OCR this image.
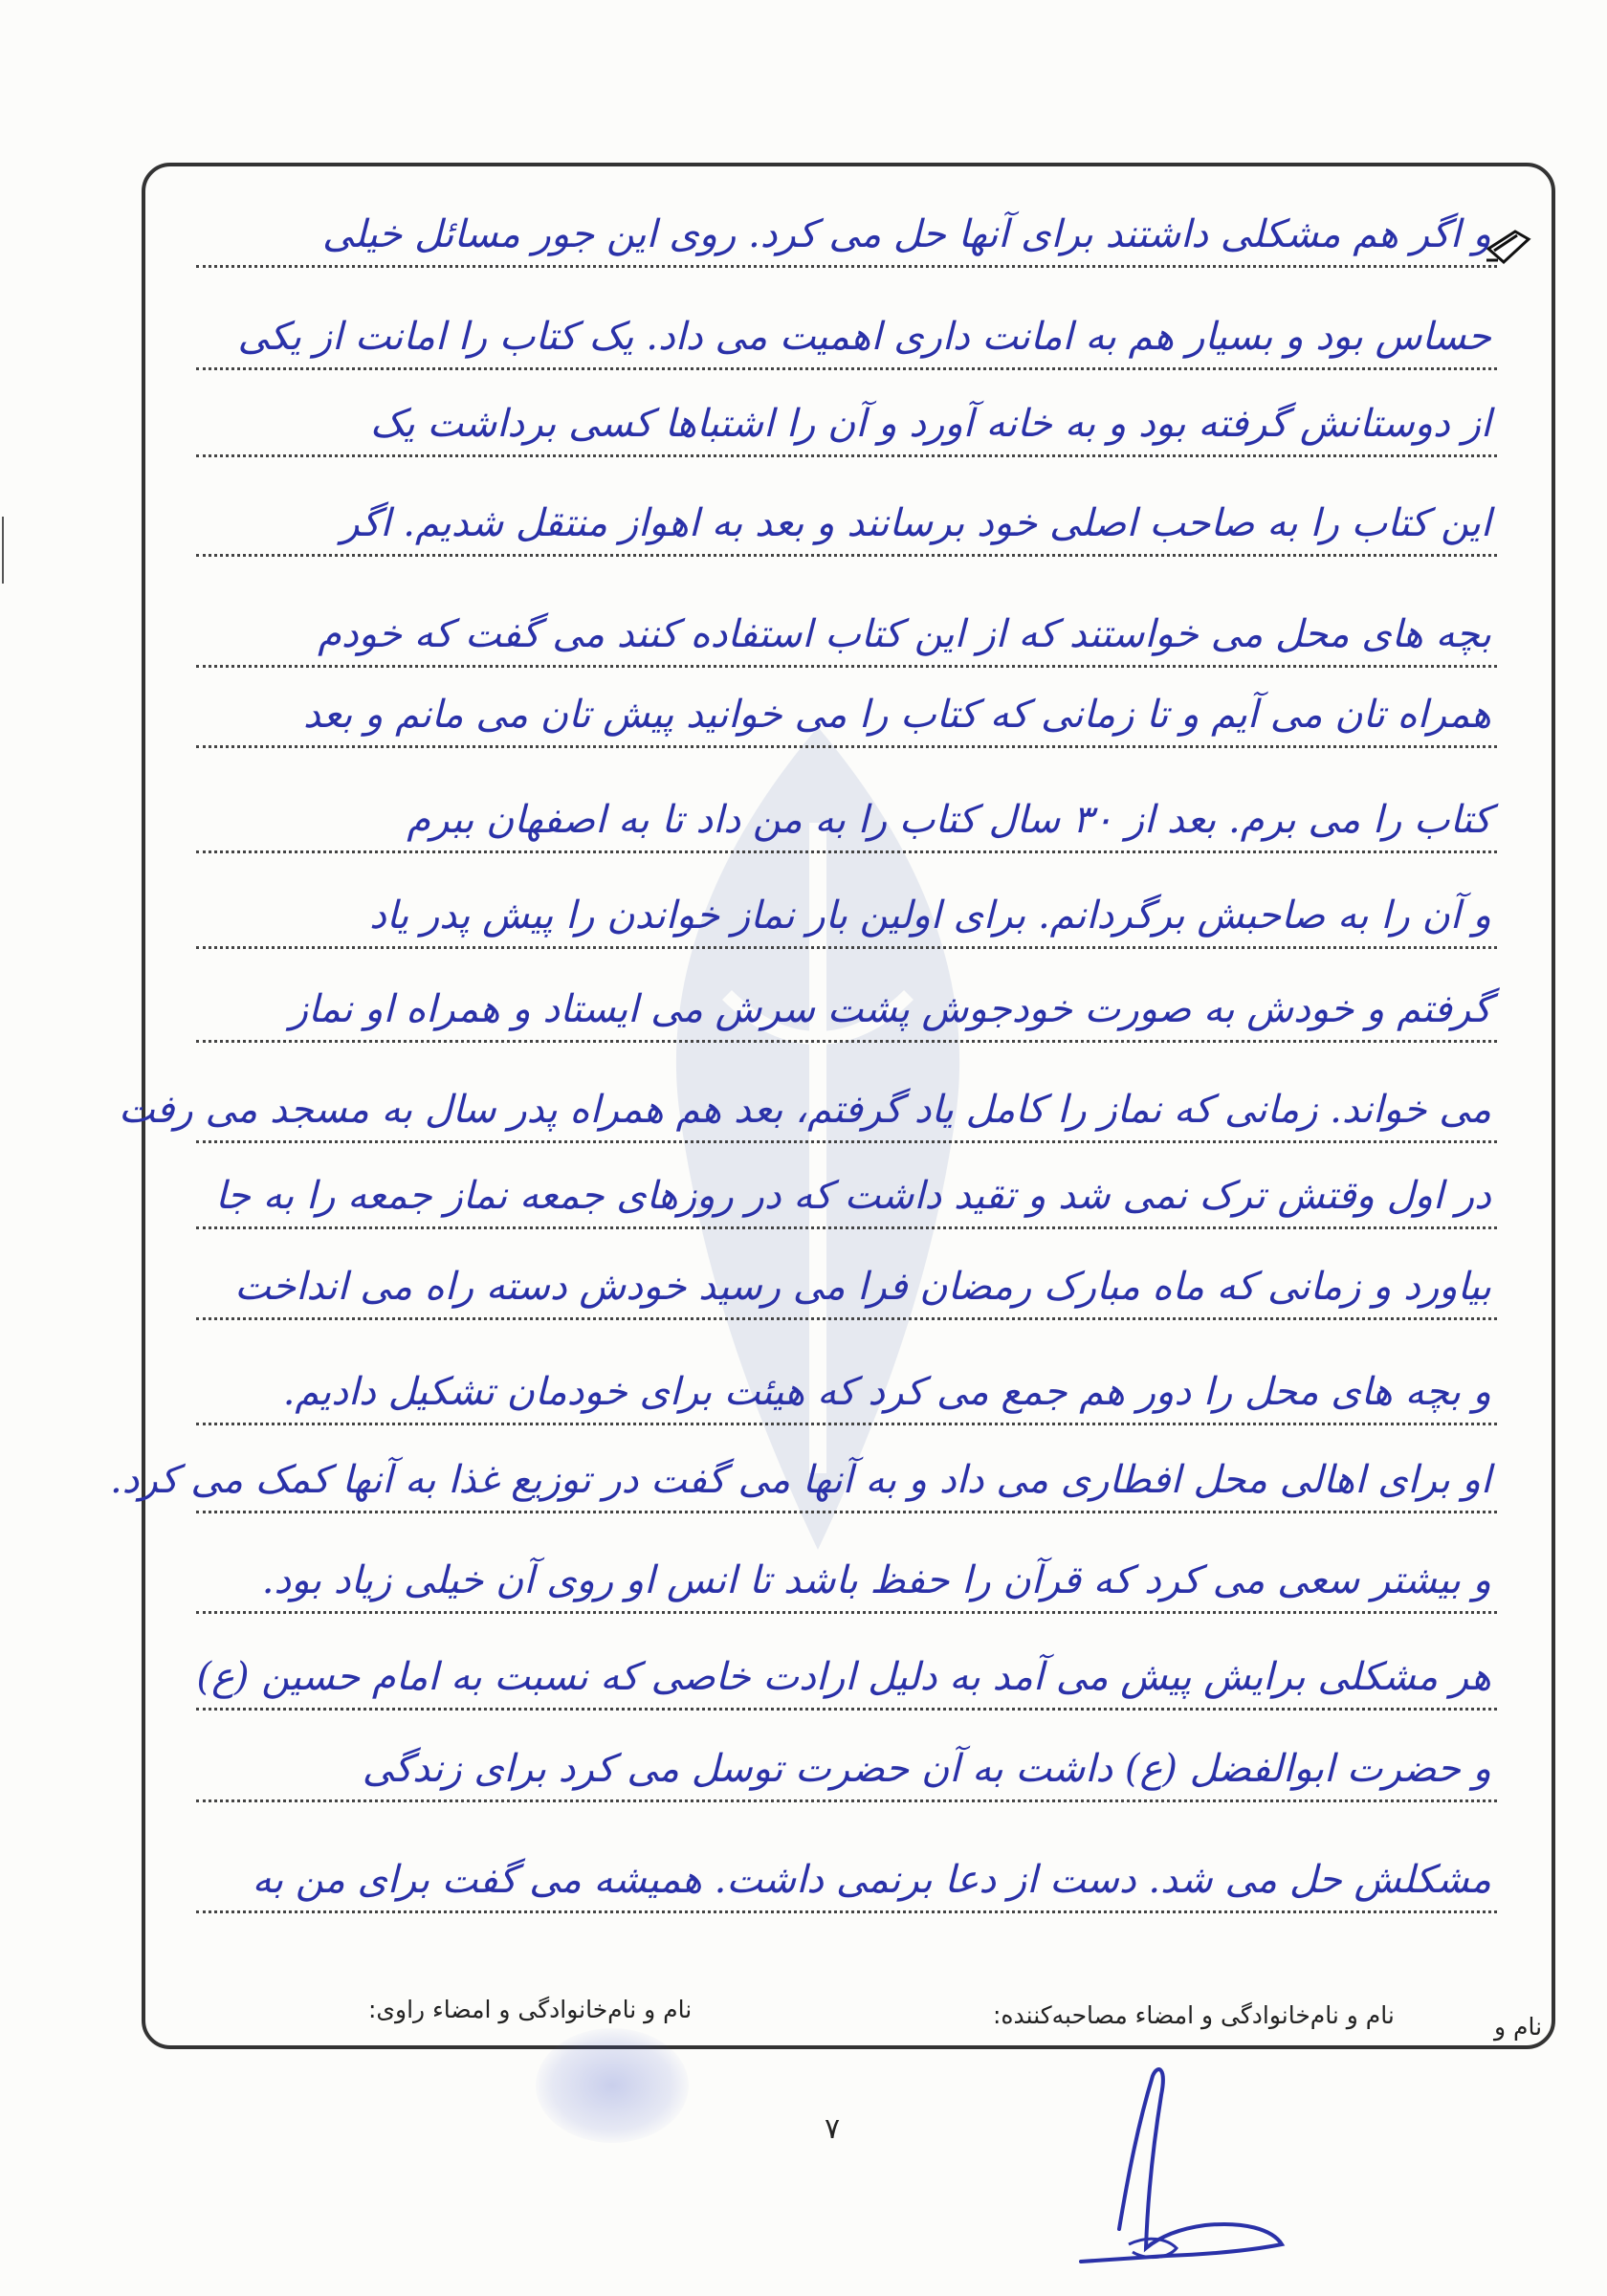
و اگر هم مشکلی داشتند برای آنها حل می کرد. روی این جور مسائل خیلی
حساس بود و بسیار هم به امانت داری اهمیت می داد. یک کتاب را امانت از یکی
از دوستانش گرفته بود و به خانه آورد و آن را اشتباها کسی برداشت یک
این کتاب را به صاحب اصلی خود برسانند و بعد به اهواز منتقل شدیم. اگر
بچه های محل می خواستند که از این کتاب استفاده کنند می گفت که خودم
همراه تان می آیم و تا زمانی که کتاب را می خوانید پیش تان می مانم و بعد
کتاب را می برم. بعد از ۳۰ سال کتاب را به من داد تا به اصفهان ببرم
و آن را به صاحبش برگردانم. برای اولین بار نماز خواندن را پیش پدر یاد
گرفتم و خودش به صورت خودجوش پشت سرش می ایستاد و همراه او نماز
می خواند. زمانی که نماز را کامل یاد گرفتم، بعد هم همراه پدر سال به مسجد می رفت
در اول وقتش ترک نمی شد و تقید داشت که در روزهای جمعه نماز جمعه را به جا
بیاورد و زمانی که ماه مبارک رمضان فرا می رسید خودش دسته راه می انداخت
و بچه های محل را دور هم جمع می کرد که هیئت برای خودمان تشکیل دادیم.
او برای اهالی محل افطاری می داد و به آنها می گفت در توزیع غذا به آنها کمک می کرد.
و بیشتر سعی می کرد که قرآن را حفظ باشد تا انس او روی آن خیلی زیاد بود.
هر مشکلی برایش پیش می آمد به دلیل ارادت خاصی که نسبت به امام حسین (ع)
و حضرت ابوالفضل (ع) داشت به آن حضرت توسل می کرد برای زندگی
مشکلش حل می شد. دست از دعا برنمی داشت. همیشه می گفت برای من به
نام و نام‌خانوادگی و امضاء راوی:	نام و نام‌خانوادگی و امضاء مصاحبه‌کننده:	نام و
۷
